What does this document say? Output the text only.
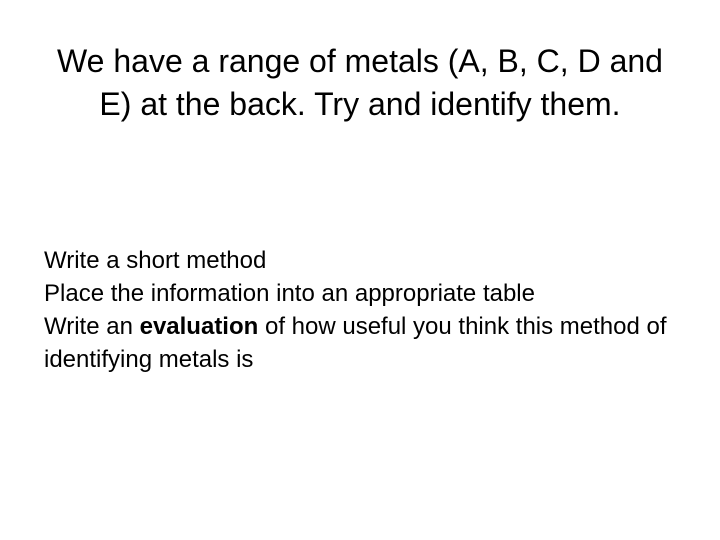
We have a range of metals (A, B, C, D and E) at the back. Try and identify them.

Write a short method

Place the information into an appropriate table

Write an evaluation of how useful you think this method of identifying metals is
